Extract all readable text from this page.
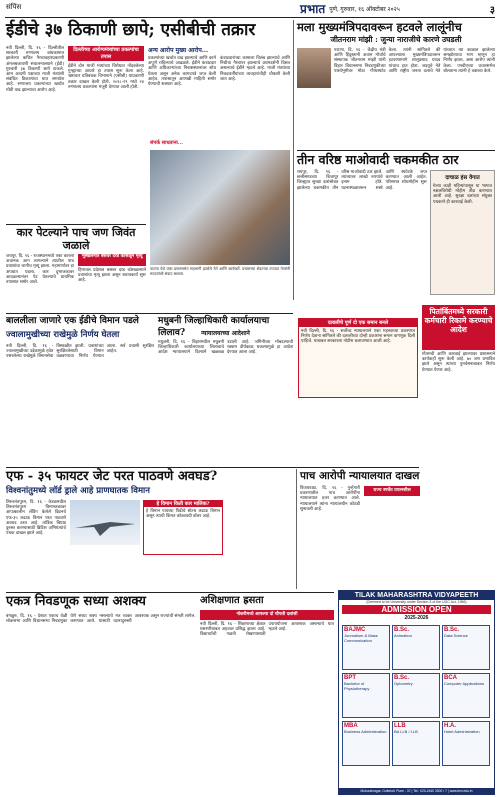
संपिंस	प्रभात पुणे, गुरुवार, १६ ऑक्टोबर २०२५	३
ईडीचे ३७ ठिकाणी छापे; एसीबीची तक्रार
नवी दिल्ली, दि. १६ - दिल्लीतील सरकारी रुग्णालय बांधकामात झालेल्या कथित गैरव्यवहारप्रकरणी अंमलबजावणी संचालनालयाने (ईडी) गुरुवारी ३७ ठिकाणी छापे टाकले. आम आदमी पक्षाच्या माजी मंत्र्यांशी संबंधित ठिकाणांचा यात समावेश आहे. रुग्णालय प्रकल्पांच्या खर्चात मोठी वाढ झाल्याचा आरोप आहे.
दिल्लीच्या आरोग्यमंत्र्यांच्या प्रकल्पांचा तपास
ईडीने दोन माजी मंत्र्यांच्या विरोधात नोंदवलेल्या गुन्ह्याच्या आधारे हा तपास सुरू केला आहे. भ्रष्टाचार प्रतिबंधक विभागाने (एसीबी) याप्रकरणी तक्रार दाखल केली होती. २०१८-१९ मध्ये २४ रुग्णालय प्रकल्पांना मंजुरी देण्यात आली होती.
अन्य आरोप मुख्य आरोप...
प्रकल्पांच्या खर्चात वाढ झाल्याचे आणि कामे अपूर्ण राहिल्याचे आढळले. ईडीने कंत्राटदार आणि अधिकाऱ्यांच्या निवासस्थानांवर शोध घेतला असून अनेक कागदपत्रे जप्त केली आहेत. तपासातून आणखी माहिती समोर येण्याची शक्यता आहे.
कंत्राटदारांच्या कामाला विलंब झाल्याचे आणि निधीचा गैरवापर झाल्याचे प्रथमदर्शनी दिसत असल्याचे ईडीने म्हटले आहे. माजी मंत्र्यांच्या निकटवर्तीयांच्या व्यवहारांचीही चौकशी केली जात आहे.
संपर्क साधताना...
पाटणा येथे एका प्रचारसभेत सहभागी झालेले नेते आणि कार्यकर्ते. प्रचाराच्या शेवटच्या टप्प्यात नेत्यांनी मतदारांशी संवाद साधला.
कार पेटल्याने पाच जण जिवंत जळाले
जयपूर, दि. १६ - राजस्थानमध्ये एका कारला अचानक आग लागल्याने त्यातील पाच प्रवाशांचा जागीच मृत्यू झाला. महामार्गावर हा अपघात घडला. कार दुभाजकावर आदळल्यानंतर पेट घेतल्याचे प्राथमिक तपासात समोर आले.
भूस्खलनात बसवर दरड कोसळून मृत्यू
हिमाचल प्रदेशात बसवर दरड कोसळल्याने प्रवाशांचा मृत्यू झाला असून बचावकार्य सुरू आहे.
मला मुख्यमंत्रिपदावरून हटवले लालूंनीच
जीतनराम मांझी : जुन्या नाराजीचे कारणे उघडली
पाटणा, दि. १६ - केंद्रीय मंत्री आणि हिंदुस्तानी अवाम मोर्चाचे संस्थापक जीतनराम मांझी यांनी बिहार विधानसभा निवडणुकीच्या पार्श्वभूमीवर मोठा गौप्यस्फोट केला. त्यांनी सांगितले की आपल्याला मुख्यमंत्रिपदावरून हटवण्यामागे लालूप्रसाद यादव यांचाच हात होता. जदयूचे नेते आणि राष्ट्रीय जनता दलाचे नेते यांच्यात त्या काळात झालेल्या समझोत्याचा भाग म्हणून हा निर्णय झाला, असा आरोप त्यांनी केला. एनडीएच्या प्रचारसभेत बोलताना त्यांनी हे वक्तव्य केले.
तीन वरिष्ठ माओवादी चकमकीत ठार
रायपूर, दि. १६ - छत्तीसगडच्या बिजापूर जिल्ह्यात सुरक्षा दलांसोबत झालेल्या चकमकीत तीन वरिष्ठ माओवादी ठार झाले. त्यांच्यावर लाखो रुपयांचे इनाम होते. घटनास्थळावरून शस्त्रे आणि स्फोटके जप्त करण्यात आली आहेत. परिसरात शोधमोहीम सुरू आहे.
दाचाळ हंस वेगात
गेल्या काही महिन्यांपासून या भागात नक्षलविरोधी मोहीम तीव्र करण्यात आली आहे. सुरक्षा दलांच्या संयुक्त पथकाने ही कारवाई केली.
बाललीला जाणारे एक ईडीचे विमान पडले
ज्वालामुखीच्या राखेमुळे निर्णय घेतला
नवी दिल्ली, दि. १६ - ज्वालामुखीच्या उद्रेकामुळे हवेत पसरलेल्या राखेमुळे विमानसेवा विस्कळीत झाली. प्रवाशांच्या सुरक्षिततेसाठी विमान वळवण्याचा निर्णय घेण्यात आला. सर्व प्रवासी सुरक्षित आहेत.
मधुबनी जिल्हाधिकारी कार्यालयाचा लिलाव?	न्यायालयाच्या आदेशाने
मधुबनी, दि. १६ - बिहारमधील मधुबनी जिल्हाधिकारी कार्यालयाच्या लिलावाचे आदेश न्यायालयाने दिल्याने खळबळ उडाली आहे. जमिनीच्या मोबदल्याची रक्कम दीर्घकाळ थकल्यामुळे हा आदेश देण्यात आला आहे.
दलालीचे पूर्ण दो एक समान बनले
नवी दिल्ली, दि. १६ - सर्वोच्च न्यायालयाने एका महत्त्वाच्या प्रकरणात निर्णय देताना सांगितले की दलालीच्या दोन्ही प्रकारांना समान वागणूक दिली पाहिजे. याबाबत सरकारला नोटीस बजावण्यात आली आहे.
पितांबिंतमध्ये सरकारी कर्मचारी रिकामे करण्याचे आदेश
गाैतमची आणि कारवाई झाल्यावर प्रशासनाने कार्यवाही सुरू केली आहे. ७० जण प्रभावित झाले असून त्यांच्या पुनर्वसनाबाबत निर्णय घेण्यात येणार आहे.
एफ - ३५ फायटर जेट परत पाठवणे अवघड?
विश्वनांतुमध्ये लॉर्ड ड्राले आहे प्राणघातक विमान
तिरुवनंतपुरम, दि. १६ - केरळमधील तिरुवनंतपुरम विमानतळावर आपत्कालीन लँडिंग केलेले ब्रिटनचे एफ-३५ लढाऊ विमान परत पाठवणे अवघड ठरत आहे. तांत्रिक बिघाड दुरुस्त करण्यासाठी ब्रिटिश अभियंत्यांचे पथक दाखल झाले आहे.
हे विमान किती कार मालिक?
हे विमान पाचव्या पिढीचे स्टेल्थ लढाऊ विमान असून त्याची किंमत कोट्यवधी डॉलर आहे.
पाच आरोपी न्यायालयात दाखल
विजयवाडा, दि. १६ - गुन्हेगारी प्रकरणातील पाच आरोपींना न्यायालयात हजर करण्यात आले. न्यायालयाने त्यांना न्यायालयीन कोठडी सुनावली आहे.
राज्य स्पर्धेत प्रयत्नशील
TILAK MAHARASHTRA VIDYAPEETH
(Deemed to be University under Section 3 of the UGC Act, 1956)
ADMISSION OPEN
2025-2026
BAJMC
Journalism & Mass Communication
B.Sc.
Animation
B.Sc.
Data Science
BPT
Bachelor of Physiotherapy
B.Sc.
Optometry
BCA
Computer Applications
MBA
Business Administration
LLB
BA LLB / LLB
H.A.
Hotel Administration
Mukundnagar, Gultekdi, Pune - 37 | Tel.: 020-2440 3000 / 7 | www.tmv.edu.in
एकत्र निवडणूक सध्या अशक्य
बंगळुरु, दि. १६ - देशात एकाच वेळी लोकसभा आणि विधानसभा निवडणुका घेणे सध्या शक्य नसल्याचे मत व्यक्त करण्यात आले. यासाठी घटनादुरुस्ती आवश्यक असून राज्यांची संमती लागेल.
अशिक्षणात ह्रसता
नोकरीमध्ये आपल्या दो चौपती दलांसी
नवी दिल्ली, दि. १६ - शिक्षणाच्या क्षेत्रात घसरणीबाबत अहवाल प्रसिद्ध झाला आहे. विद्यार्थ्यांची गळती रोखण्यासाठी उपाययोजना आवश्यक असल्याचे यात म्हटले आहे.
